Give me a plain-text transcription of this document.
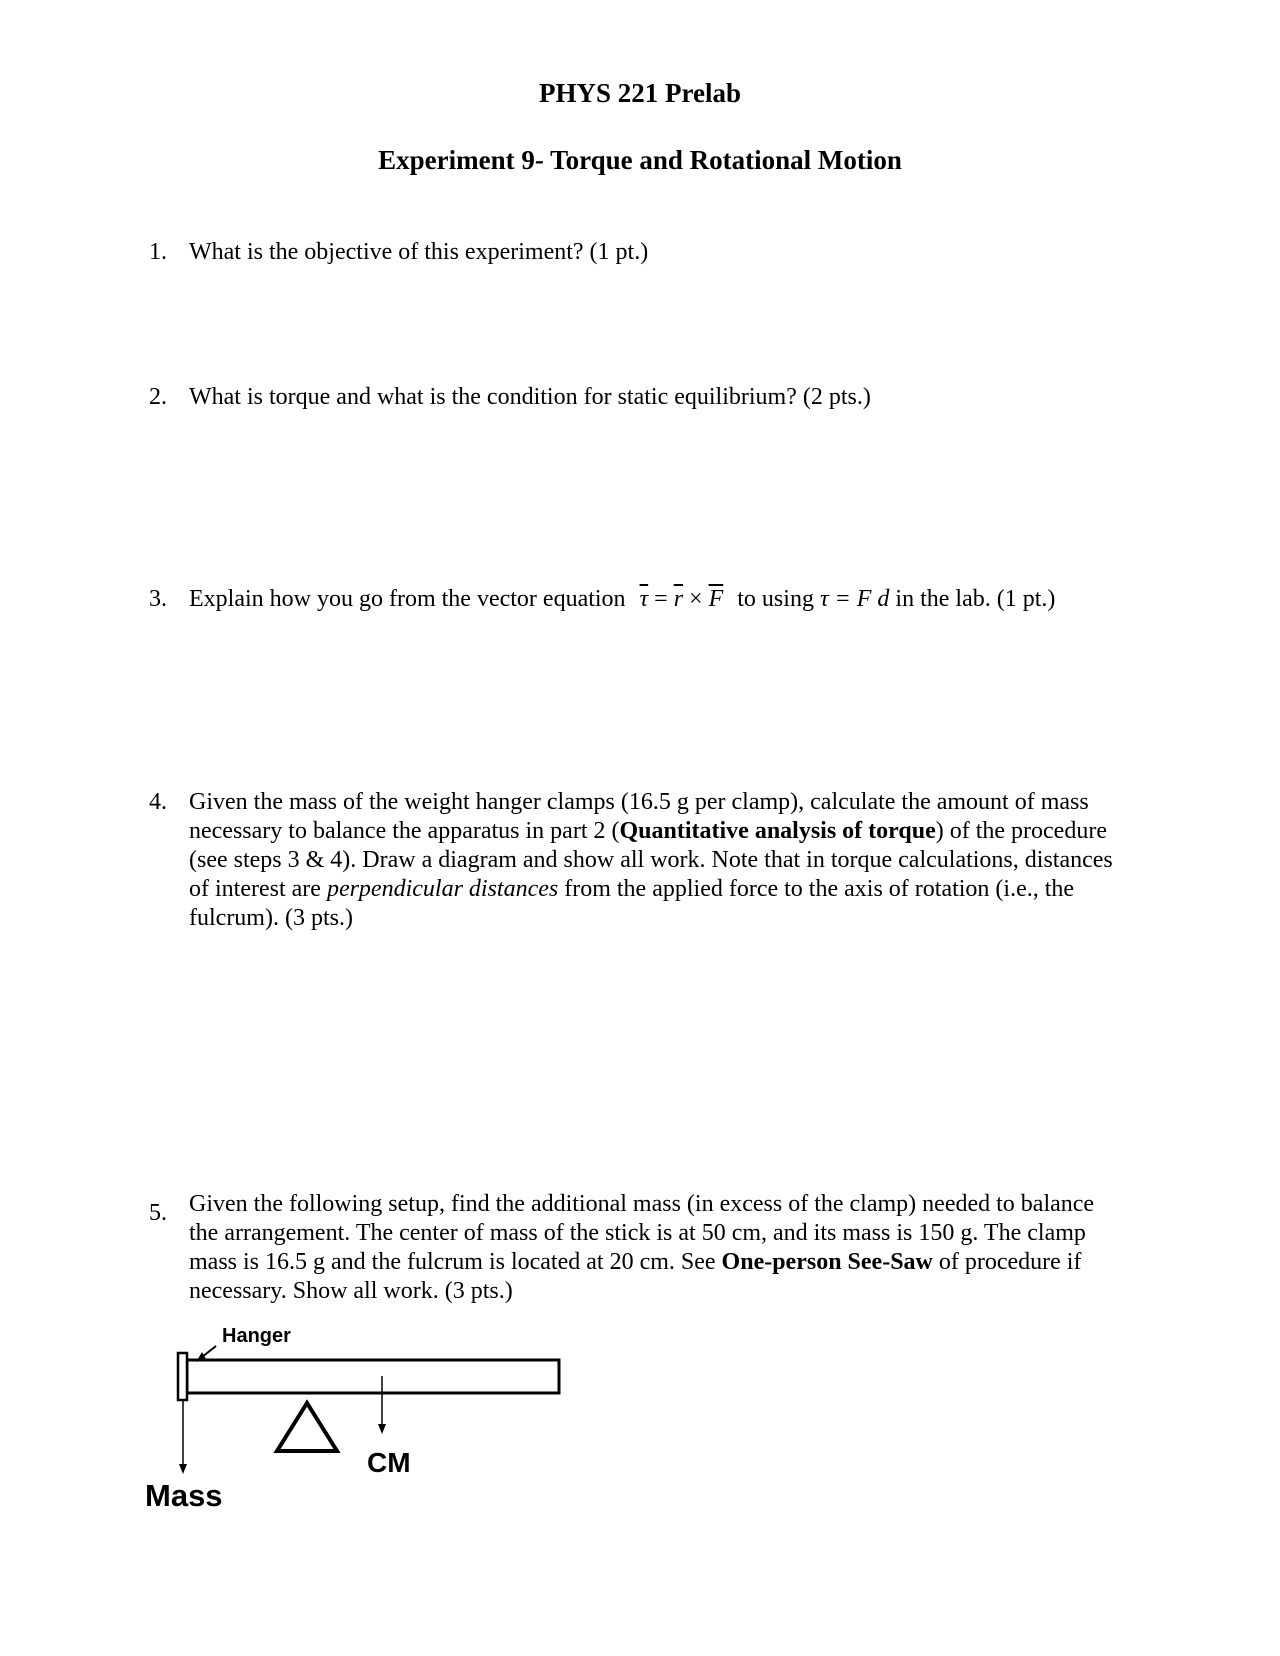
PHYS 221 Prelab
Experiment 9- Torque and Rotational Motion
1. What is the objective of this experiment? (1 pt.)
2. What is torque and what is the condition for static equilibrium? (2 pts.)
3. Explain how you go from the vector equation $\overline{\tau} = \overline{r} \times \overline{F}$ to using τ = F d in the lab. (1 pt.)
4. Given the mass of the weight hanger clamps (16.5 g per clamp), calculate the amount of mass necessary to balance the apparatus in part 2 (Quantitative analysis of torque) of the procedure (see steps 3 & 4). Draw a diagram and show all work. Note that in torque calculations, distances of interest are perpendicular distances from the applied force to the axis of rotation (i.e., the fulcrum). (3 pts.)
5. Given the following setup, find the additional mass (in excess of the clamp) needed to balance the arrangement. The center of mass of the stick is at 50 cm, and its mass is 150 g. The clamp mass is 16.5 g and the fulcrum is located at 20 cm. See One-person See-Saw of procedure if necessary. Show all work. (3 pts.)
Hanger
CM
Mass
